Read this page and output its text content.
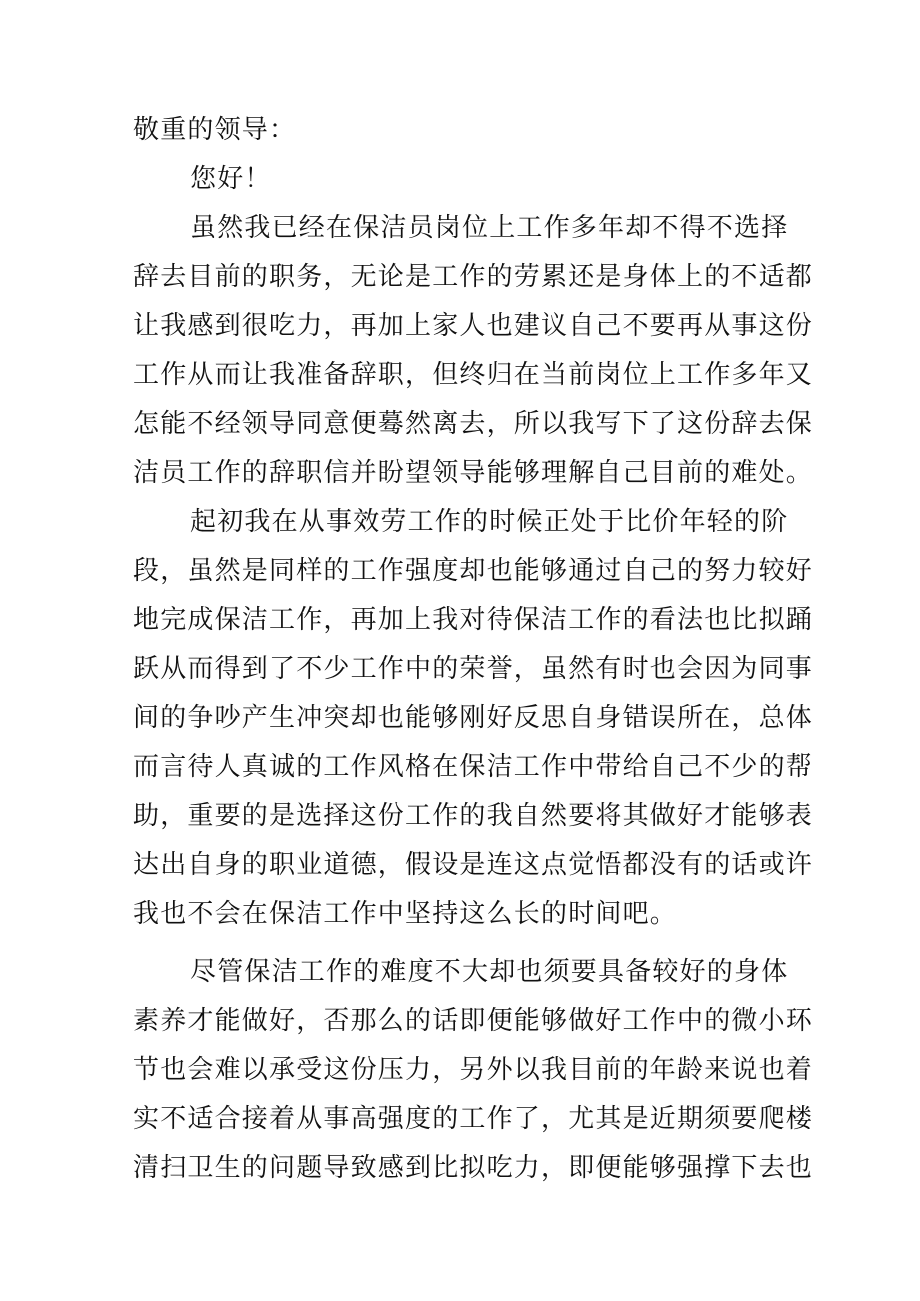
敬重的领导：
您好！
虽然我已经在保洁员岗位上工作多年却不得不选择
辞去目前的职务，无论是工作的劳累还是身体上的不适都
让我感到很吃力，再加上家人也建议自己不要再从事这份
工作从而让我准备辞职，但终归在当前岗位上工作多年又
怎能不经领导同意便蓦然离去，所以我写下了这份辞去保
洁员工作的辞职信并盼望领导能够理解自己目前的难处。
起初我在从事效劳工作的时候正处于比价年轻的阶
段，虽然是同样的工作强度却也能够通过自己的努力较好
地完成保洁工作，再加上我对待保洁工作的看法也比拟踊
跃从而得到了不少工作中的荣誉，虽然有时也会因为同事
间的争吵产生冲突却也能够刚好反思自身错误所在，总体
而言待人真诚的工作风格在保洁工作中带给自己不少的帮
助，重要的是选择这份工作的我自然要将其做好才能够表
达出自身的职业道德，假设是连这点觉悟都没有的话或许
我也不会在保洁工作中坚持这么长的时间吧。
尽管保洁工作的难度不大却也须要具备较好的身体
素养才能做好，否那么的话即便能够做好工作中的微小环
节也会难以承受这份压力，另外以我目前的年龄来说也着
实不适合接着从事高强度的工作了，尤其是近期须要爬楼
清扫卫生的问题导致感到比拟吃力，即便能够强撑下去也
